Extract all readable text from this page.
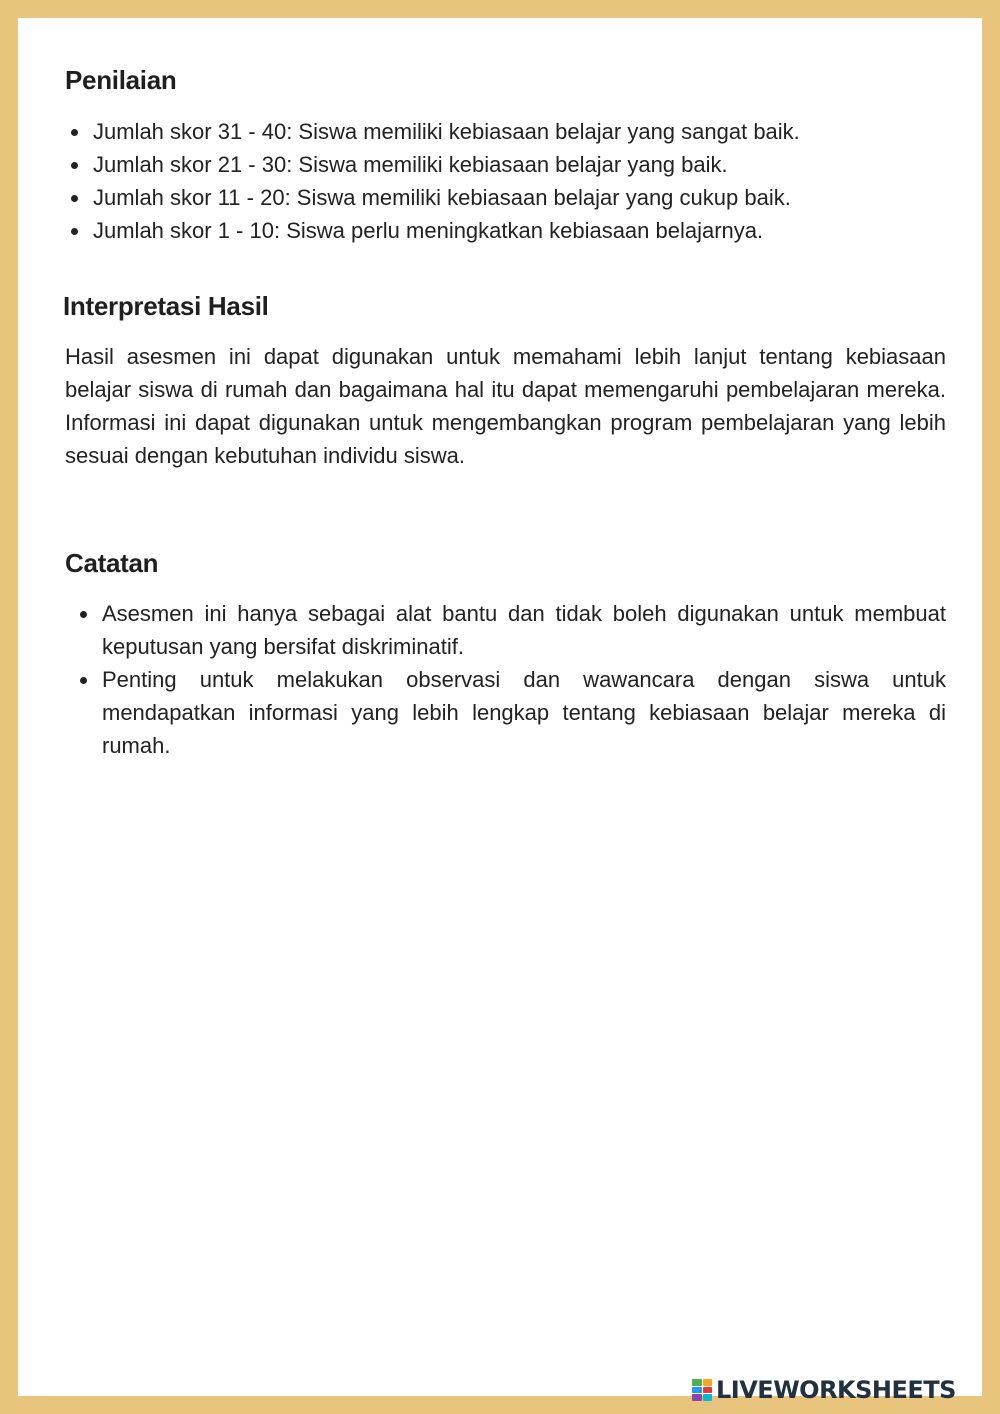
Penilaian
Jumlah skor 31 - 40: Siswa memiliki kebiasaan belajar yang sangat baik.
Jumlah skor 21 - 30: Siswa memiliki kebiasaan belajar yang baik.
Jumlah skor 11 - 20: Siswa memiliki kebiasaan belajar yang cukup baik.
Jumlah skor 1 - 10: Siswa perlu meningkatkan kebiasaan belajarnya.
Interpretasi Hasil

Hasil asesmen ini dapat digunakan untuk memahami lebih lanjut tentang kebiasaan belajar siswa di rumah dan bagaimana hal itu dapat memengaruhi pembelajaran mereka. Informasi ini dapat digunakan untuk mengembangkan program pembelajaran yang lebih sesuai dengan kebutuhan individu siswa.

Catatan
Asesmen ini hanya sebagai alat bantu dan tidak boleh digunakan untuk membuat keputusan yang bersifat diskriminatif.
Penting untuk melakukan observasi dan wawancara dengan siswa untuk mendapatkan informasi yang lebih lengkap tentang kebiasaan belajar mereka di rumah.
LIVEWORKSHEETS
